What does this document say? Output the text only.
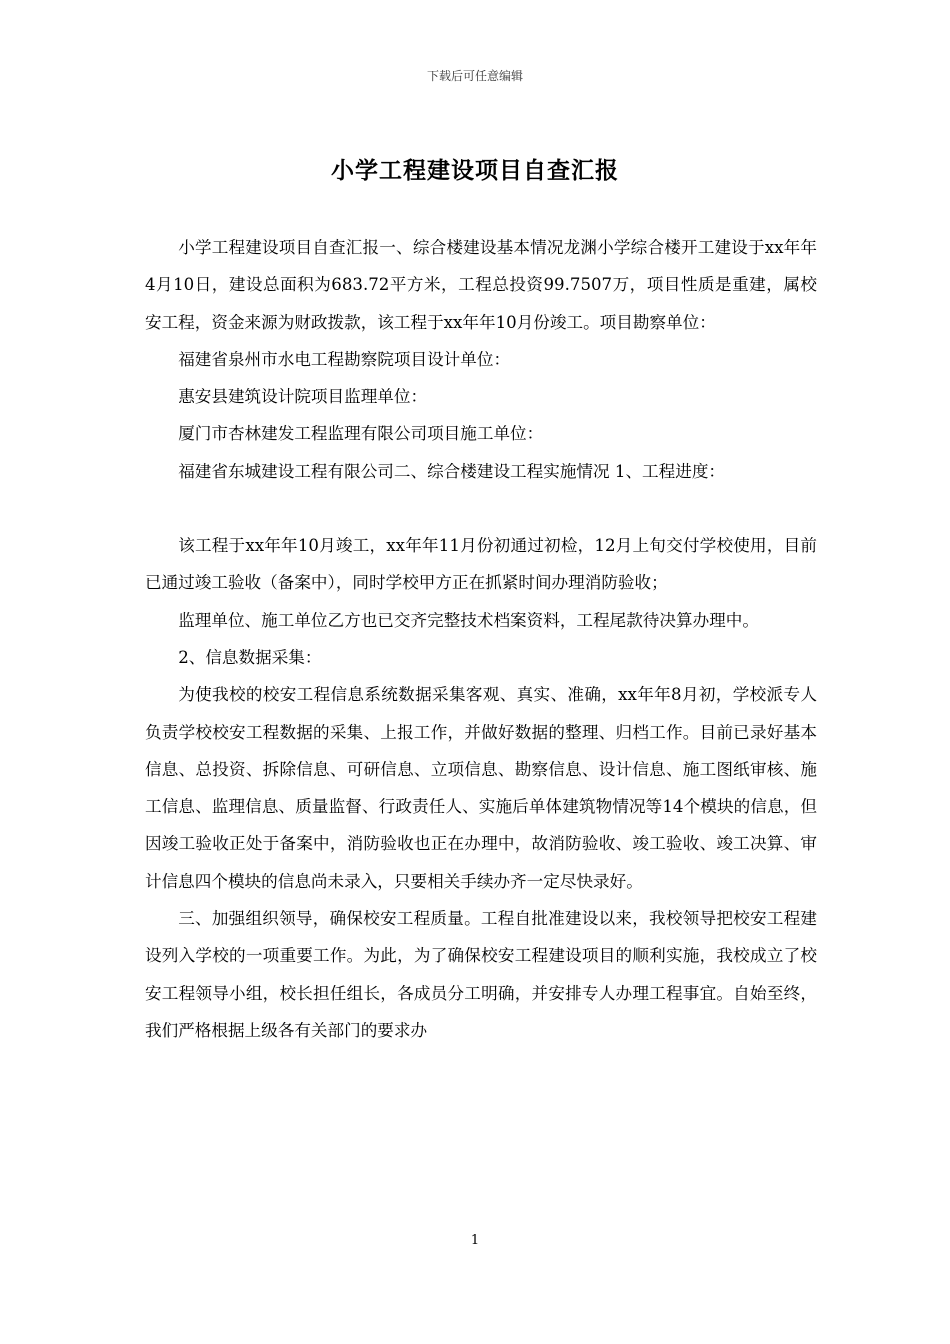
下载后可任意编辑
小学工程建设项目自查汇报

小学工程建设项目自查汇报一、综合楼建设基本情况龙渊小学综合楼开工建设于xx年年4月10日，建设总面积为683.72平方米，工程总投资99.7507万，项目性质是重建，属校安工程，资金来源为财政拨款，该工程于xx年年10月份竣工。项目勘察单位：

福建省泉州市水电工程勘察院项目设计单位：

惠安县建筑设计院项目监理单位：

厦门市杏林建发工程监理有限公司项目施工单位：

福建省东城建设工程有限公司二、综合楼建设工程实施情况 1、工程进度：

该工程于xx年年10月竣工，xx年年11月份初通过初检，12月上旬交付学校使用，目前已通过竣工验收（备案中），同时学校甲方正在抓紧时间办理消防验收；

监理单位、施工单位乙方也已交齐完整技术档案资料，工程尾款待决算办理中。

2、信息数据采集：

为使我校的校安工程信息系统数据采集客观、真实、准确，xx年年8月初，学校派专人负责学校校安工程数据的采集、上报工作，并做好数据的整理、归档工作。目前已录好基本信息、总投资、拆除信息、可研信息、立项信息、勘察信息、设计信息、施工图纸审核、施工信息、监理信息、质量监督、行政责任人、实施后单体建筑物情况等14个模块的信息，但因竣工验收正处于备案中，消防验收也正在办理中，故消防验收、竣工验收、竣工决算、审计信息四个模块的信息尚未录入，只要相关手续办齐一定尽快录好。

三、加强组织领导，确保校安工程质量。工程自批准建设以来，我校领导把校安工程建设列入学校的一项重要工作。为此，为了确保校安工程建设项目的顺利实施，我校成立了校安工程领导小组，校长担任组长，各成员分工明确，并安排专人办理工程事宜。自始至终，我们严格根据上级各有关部门的要求办

1
